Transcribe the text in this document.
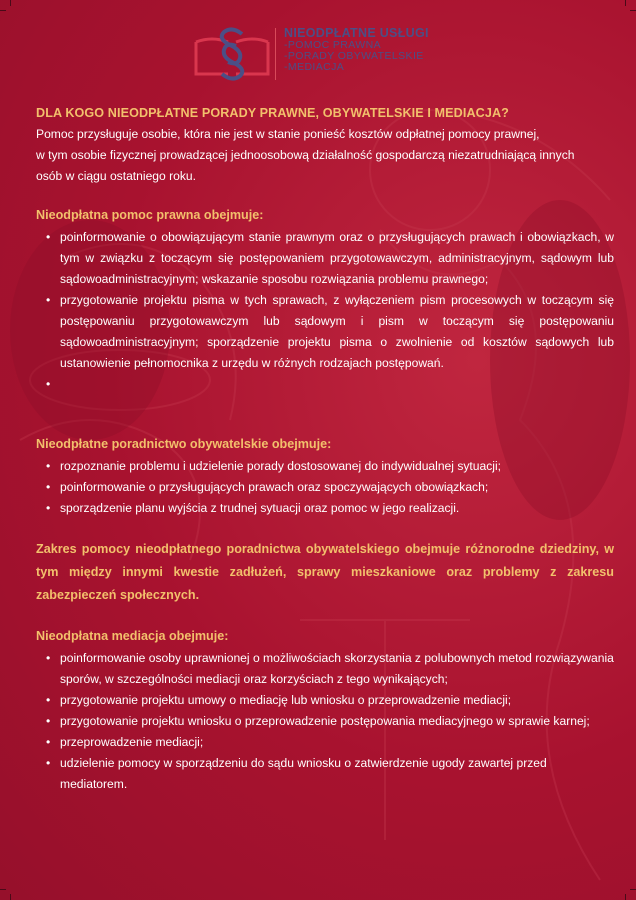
NIEODPŁATNE USŁUGI
-POMOC PRAWNA
-PORADY OBYWATELSKIE
-MEDIACJA
DLA KOGO NIEODPŁATNE PORADY PRAWNE, OBYWATELSKIE I MEDIACJA?
Pomoc przysługuje osobie, która nie jest w stanie ponieść kosztów odpłatnej pomocy prawnej,
w tym osobie fizycznej prowadzącej jednoosobową działalność gospodarczą niezatrudniającą innych
osób w ciągu ostatniego roku.
Nieodpłatna pomoc prawna obejmuje:
• poinformowanie o obowiązującym stanie prawnym oraz o przysługujących prawach i obowiązkach, w tym w związku z toczącym się postępowaniem przygotowawczym, administracyjnym, sądowym lub sądowoadministracyjnym; wskazanie sposobu rozwiązania problemu prawnego;
• przygotowanie projektu pisma w tych sprawach, z wyłączeniem pism procesowych w toczącym się postępowaniu przygotowawczym lub sądowym i pism w toczącym się postępowaniu sądowoadministracyjnym; sporządzenie projektu pisma o zwolnienie od kosztów sądowych lub ustanowienie pełnomocnika z urzędu w różnych rodzajach postępowań.
•
Nieodpłatne poradnictwo obywatelskie obejmuje:
• rozpoznanie problemu i udzielenie porady dostosowanej do indywidualnej sytuacji;
• poinformowanie o przysługujących prawach oraz spoczywających obowiązkach;
• sporządzenie planu wyjścia z trudnej sytuacji oraz pomoc w jego realizacji.
Zakres pomocy nieodpłatnego poradnictwa obywatelskiego obejmuje różnorodne dziedziny, w tym między innymi kwestie zadłużeń, sprawy mieszkaniowe oraz problemy z zakresu zabezpieczeń społecznych.
Nieodpłatna mediacja obejmuje:
• poinformowanie osoby uprawnionej o możliwościach skorzystania z polubownych metod rozwiązywania sporów, w szczególności mediacji oraz korzyściach z tego wynikających;
• przygotowanie projektu umowy o mediację lub wniosku o przeprowadzenie mediacji;
• przygotowanie projektu wniosku o przeprowadzenie postępowania mediacyjnego w sprawie karnej;
• przeprowadzenie mediacji;
• udzielenie pomocy w sporządzeniu do sądu wniosku o zatwierdzenie ugody zawartej przed mediatorem.
